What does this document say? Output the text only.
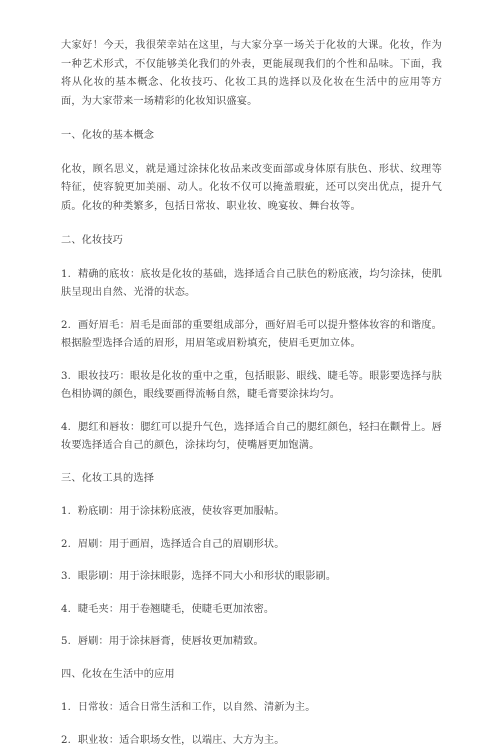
大家好！今天，我很荣幸站在这里，与大家分享一场关于化妆的大课。化妆，作为一种艺术形式，不仅能够美化我们的外表，更能展现我们的个性和品味。下面，我将从化妆的基本概念、化妆技巧、化妆工具的选择以及化妆在生活中的应用等方面，为大家带来一场精彩的化妆知识盛宴。

一、化妆的基本概念

化妆，顾名思义，就是通过涂抹化妆品来改变面部或身体原有肤色、形状、纹理等特征，使容貌更加美丽、动人。化妆不仅可以掩盖瑕疵，还可以突出优点，提升气质。化妆的种类繁多，包括日常妆、职业妆、晚宴妆、舞台妆等。

二、化妆技巧

1. 精确的底妆：底妆是化妆的基础，选择适合自己肤色的粉底液，均匀涂抹，使肌肤呈现出自然、光滑的状态。

2. 画好眉毛：眉毛是面部的重要组成部分，画好眉毛可以提升整体妆容的和谐度。根据脸型选择合适的眉形，用眉笔或眉粉填充，使眉毛更加立体。

3. 眼妆技巧：眼妆是化妆的重中之重，包括眼影、眼线、睫毛等。眼影要选择与肤色相协调的颜色，眼线要画得流畅自然，睫毛膏要涂抹均匀。

4. 腮红和唇妆：腮红可以提升气色，选择适合自己的腮红颜色，轻扫在颧骨上。唇妆要选择适合自己的颜色，涂抹均匀，使嘴唇更加饱满。

三、化妆工具的选择

1. 粉底刷：用于涂抹粉底液，使妆容更加服帖。

2. 眉刷：用于画眉，选择适合自己的眉刷形状。

3. 眼影刷：用于涂抹眼影，选择不同大小和形状的眼影刷。

4. 睫毛夹：用于卷翘睫毛，使睫毛更加浓密。

5. 唇刷：用于涂抹唇膏，使唇妆更加精致。

四、化妆在生活中的应用

1. 日常妆：适合日常生活和工作，以自然、清新为主。

2. 职业妆：适合职场女性，以端庄、大方为主。
